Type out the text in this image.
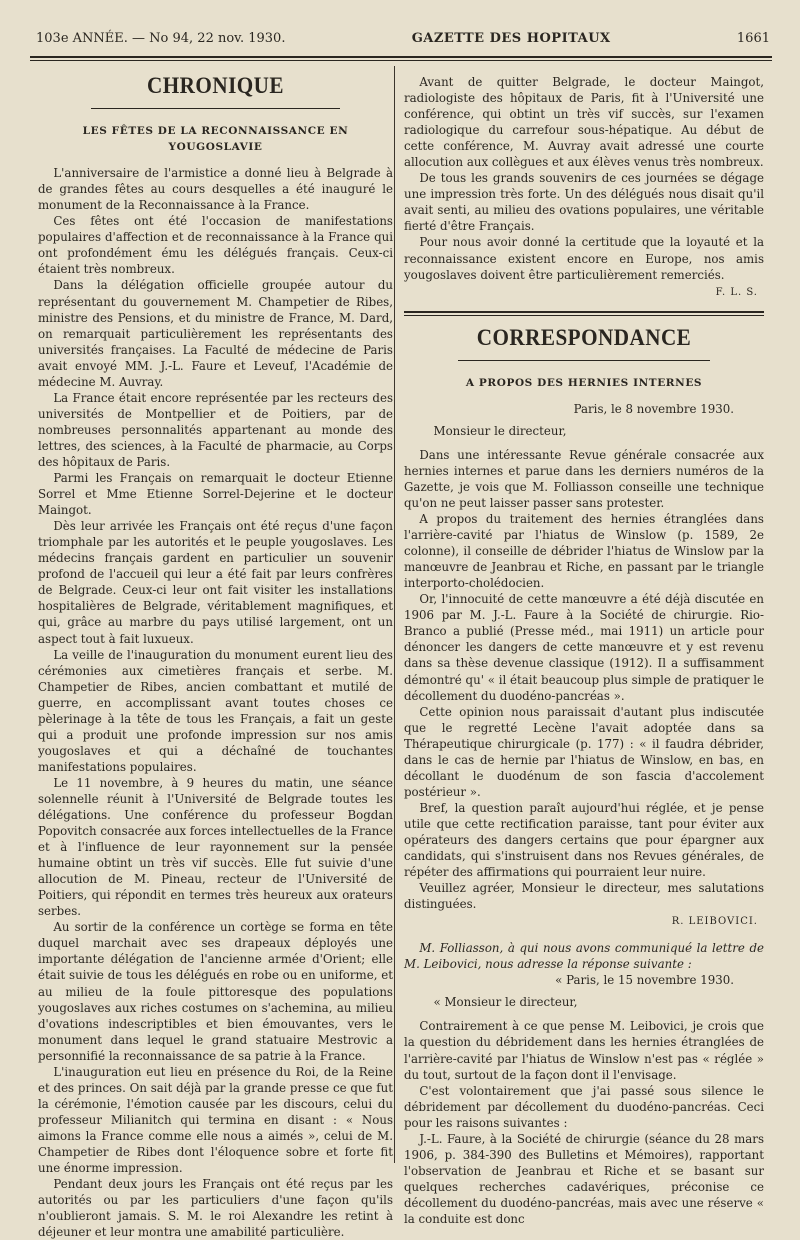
103e ANNÉE. — No 94, 22 nov. 1930.	GAZETTE DES HOPITAUX	1661
CHRONIQUE
LES FÊTES DE LA RECONNAISSANCE EN YOUGOSLAVIE

L'anniversaire de l'armistice a donné lieu à Belgrade à de grandes fêtes au cours desquelles a été inauguré le monument de la Reconnaissance à la France.

Ces fêtes ont été l'occasion de manifestations populaires d'affection et de reconnaissance à la France qui ont profondément ému les délégués français. Ceux-ci étaient très nombreux.

Dans la délégation officielle groupée autour du représentant du gouvernement M. Champetier de Ribes, ministre des Pensions, et du ministre de France, M. Dard, on remarquait particulièrement les représentants des universités françaises. La Faculté de médecine de Paris avait envoyé MM. J.-L. Faure et Leveuf, l'Académie de médecine M. Auvray.

La France était encore représentée par les recteurs des universités de Montpellier et de Poitiers, par de nombreuses personnalités appartenant au monde des lettres, des sciences, à la Faculté de pharmacie, au Corps des hôpitaux de Paris.

Parmi les Français on remarquait le docteur Etienne Sorrel et Mme Etienne Sorrel-Dejerine et le docteur Maingot.

Dès leur arrivée les Français ont été reçus d'une façon triomphale par les autorités et le peuple yougoslaves. Les médecins français gardent en particulier un souvenir profond de l'accueil qui leur a été fait par leurs confrères de Belgrade. Ceux-ci leur ont fait visiter les installations hospitalières de Belgrade, véritablement magnifiques, et qui, grâce au marbre du pays utilisé largement, ont un aspect tout à fait luxueux.

La veille de l'inauguration du monument eurent lieu des cérémonies aux cimetières français et serbe. M. Champetier de Ribes, ancien combattant et mutilé de guerre, en accomplissant avant toutes choses ce pèlerinage à la tête de tous les Français, a fait un geste qui a produit une profonde impression sur nos amis yougoslaves et qui a déchaîné de touchantes manifestations populaires.

Le 11 novembre, à 9 heures du matin, une séance solennelle réunit à l'Université de Belgrade toutes les délégations. Une conférence du professeur Bogdan Popovitch consacrée aux forces intellectuelles de la France et à l'influence de leur rayonnement sur la pensée humaine obtint un très vif succès. Elle fut suivie d'une allocution de M. Pineau, recteur de l'Université de Poitiers, qui répondit en termes très heureux aux orateurs serbes.

Au sortir de la conférence un cortège se forma en tête duquel marchait avec ses drapeaux déployés une importante délégation de l'ancienne armée d'Orient; elle était suivie de tous les délégués en robe ou en uniforme, et au milieu de la foule pittoresque des populations yougoslaves aux riches costumes on s'achemina, au milieu d'ovations indescriptibles et bien émouvantes, vers le monument dans lequel le grand statuaire Mestrovic a personnifié la reconnaissance de sa patrie à la France.

L'inauguration eut lieu en présence du Roi, de la Reine et des princes. On sait déjà par la grande presse ce que fut la cérémonie, l'émotion causée par les discours, celui du professeur Milianitch qui termina en disant : « Nous aimons la France comme elle nous a aimés », celui de M. Champetier de Ribes dont l'éloquence sobre et forte fit une énorme impression.

Pendant deux jours les Français ont été reçus par les autorités ou par les particuliers d'une façon qu'ils n'oublieront jamais. S. M. le roi Alexandre les retint à déjeuner et leur montra une amabilité particulière.

Avant de quitter Belgrade, le docteur Maingot, radiologiste des hôpitaux de Paris, fit à l'Université une conférence, qui obtint un très vif succès, sur l'examen radiologique du carrefour sous-hépatique. Au début de cette conférence, M. Auvray avait adressé une courte allocution aux collègues et aux élèves venus très nombreux.

De tous les grands souvenirs de ces journées se dégage une impression très forte. Un des délégués nous disait qu'il avait senti, au milieu des ovations populaires, une véritable fierté d'être Français.

Pour nous avoir donné la certitude que la loyauté et la reconnaissance existent encore en Europe, nos amis yougoslaves doivent être particulièrement remerciés.

F. L. S.
CORRESPONDANCE
A PROPOS DES HERNIES INTERNES

Paris, le 8 novembre 1930.

Monsieur le directeur,

Dans une intéressante Revue générale consacrée aux hernies internes et parue dans les derniers numéros de la Gazette, je vois que M. Folliasson conseille une technique qu'on ne peut laisser passer sans protester.

A propos du traitement des hernies étranglées dans l'arrière-cavité par l'hiatus de Winslow (p. 1589, 2e colonne), il conseille de débrider l'hiatus de Winslow par la manœuvre de Jeanbrau et Riche, en passant par le triangle interporto-cholédocien.

Or, l'innocuité de cette manœuvre a été déjà discutée en 1906 par M. J.-L. Faure à la Société de chirurgie. Rio-Branco a publié (Presse méd., mai 1911) un article pour dénoncer les dangers de cette manœuvre et y est revenu dans sa thèse devenue classique (1912). Il a suffisamment démontré qu' « il était beaucoup plus simple de pratiquer le décollement du duodéno-pancréas ».

Cette opinion nous paraissait d'autant plus indiscutée que le regretté Lecène l'avait adoptée dans sa Thérapeutique chirurgicale (p. 177) : « il faudra débrider, dans le cas de hernie par l'hiatus de Winslow, en bas, en décollant le duodénum de son fascia d'accolement postérieur ».

Bref, la question paraît aujourd'hui réglée, et je pense utile que cette rectification paraisse, tant pour éviter aux opérateurs des dangers certains que pour épargner aux candidats, qui s'instruisent dans nos Revues générales, de répéter des affirmations qui pourraient leur nuire.

Veuillez agréer, Monsieur le directeur, mes salutations distinguées.

R. LEIBOVICI.

M. Folliasson, à qui nous avons communiqué la lettre de M. Leibovici, nous adresse la réponse suivante :

« Paris, le 15 novembre 1930.

« Monsieur le directeur,

Contrairement à ce que pense M. Leibovici, je crois que la question du débridement dans les hernies étranglées de l'arrière-cavité par l'hiatus de Winslow n'est pas « réglée » du tout, surtout de la façon dont il l'envisage.

C'est volontairement que j'ai passé sous silence le débridement par décollement du duodéno-pancréas. Ceci pour les raisons suivantes :

J.-L. Faure, à la Société de chirurgie (séance du 28 mars 1906, p. 384-390 des Bulletins et Mémoires), rapportant l'observation de Jeanbrau et Riche et se basant sur quelques recherches cadavériques, préconise ce décollement du duodéno-pancréas, mais avec une réserve « la conduite est donc
